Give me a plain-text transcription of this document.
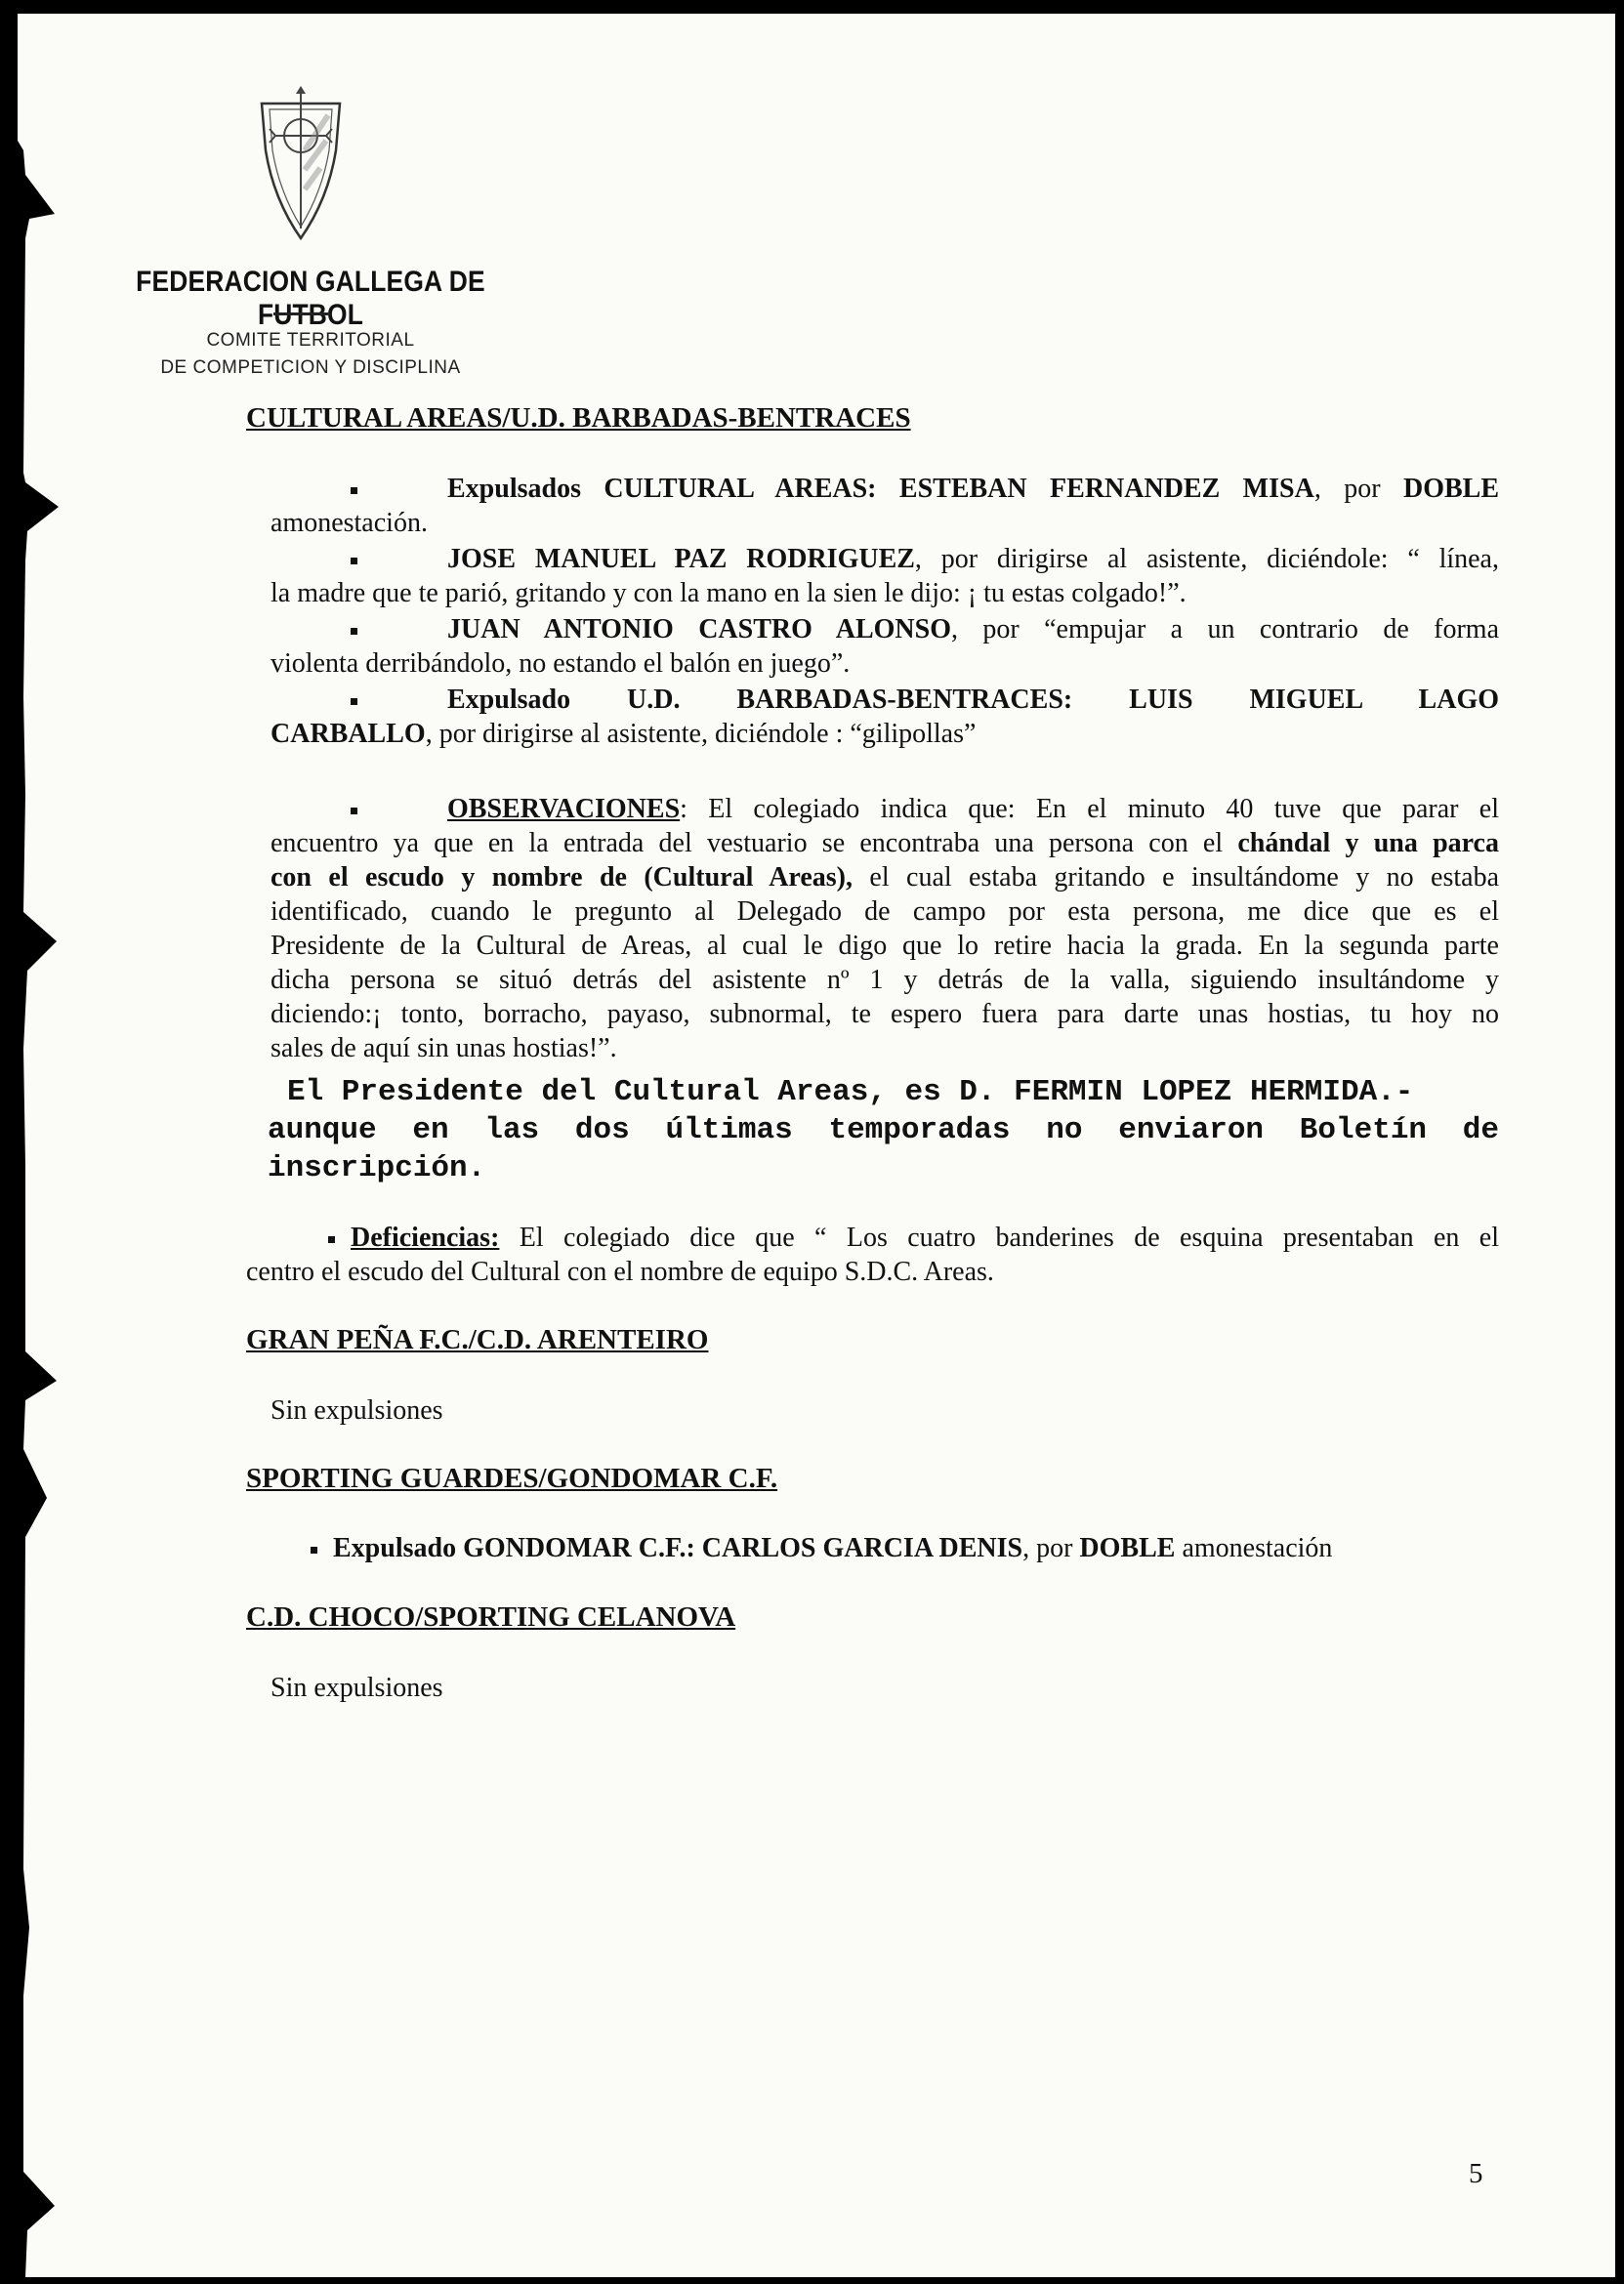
FEDERACION GALLEGA DE FUTBOL
COMITE TERRITORIAL
DE COMPETICION Y DISCIPLINA
CULTURAL AREAS/U.D. BARBADAS-BENTRACES
Expulsados CULTURAL AREAS: ESTEBAN FERNANDEZ MISA, por DOBLE
amonestación.
JOSE MANUEL PAZ RODRIGUEZ, por dirigirse al asistente, diciéndole: “ línea,
la madre que te parió, gritando y con la mano en la sien le dijo: ¡ tu estas colgado!”.
JUAN ANTONIO CASTRO ALONSO, por “empujar a un contrario de forma
violenta derribándolo, no estando el balón en juego”.
Expulsado U.D. BARBADAS-BENTRACES: LUIS MIGUEL LAGO
CARBALLO, por dirigirse al asistente, diciéndole : “gilipollas”
OBSERVACIONES: El colegiado indica que: En el minuto 40 tuve que parar el
encuentro ya que en la entrada del vestuario se encontraba una persona con el chándal y una parca
con el escudo y nombre de (Cultural Areas), el cual estaba gritando e insultándome y no estaba
identificado, cuando le pregunto al Delegado de campo por esta persona, me dice que es el
Presidente de la Cultural de Areas, al cual le digo que lo retire hacia la grada. En la segunda parte
dicha persona se situó detrás del asistente nº 1 y detrás de la valla, siguiendo insultándome y
diciendo:¡ tonto, borracho, payaso, subnormal, te espero fuera para darte unas hostias, tu hoy no
sales de aquí sin unas hostias!”.
El Presidente del Cultural Areas, es D. FERMIN LOPEZ HERMIDA.-
aunque en las dos últimas temporadas no enviaron Boletín de
inscripción.
Deficiencias: El colegiado dice que “ Los cuatro banderines de esquina presentaban en el
centro el escudo del Cultural con el nombre de equipo S.D.C. Areas.
GRAN PEÑA F.C./C.D. ARENTEIRO
Sin expulsiones
SPORTING GUARDES/GONDOMAR C.F.
Expulsado GONDOMAR C.F.: CARLOS GARCIA DENIS, por DOBLE amonestación
C.D. CHOCO/SPORTING CELANOVA
Sin expulsiones
5
